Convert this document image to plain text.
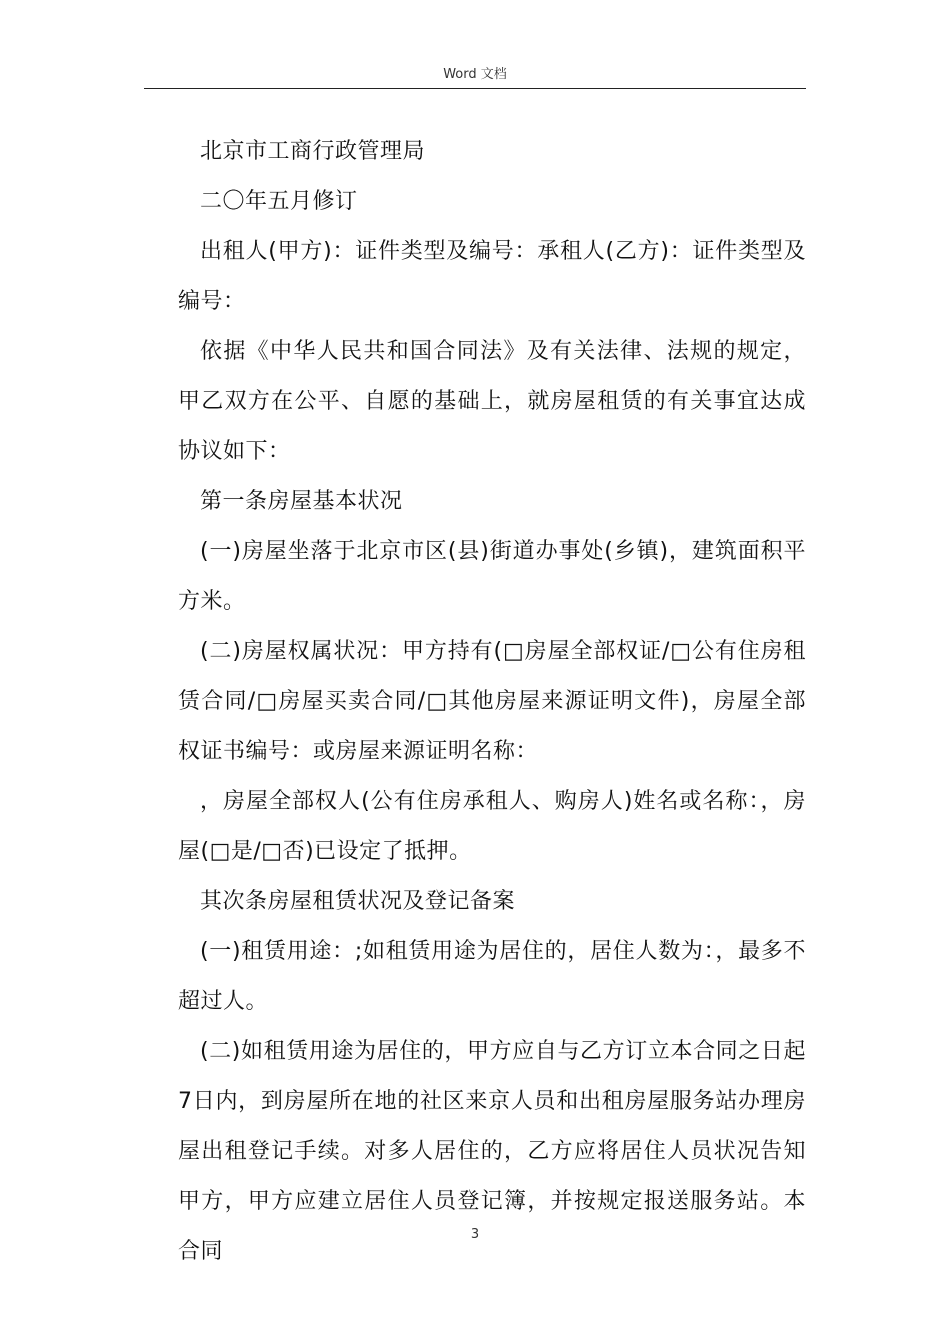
Word 文档

北京市工商行政管理局

二〇年五月修订

出租人(甲方)：证件类型及编号：承租人(乙方)：证件类型及编号：

依据《中华人民共和国合同法》及有关法律、法规的规定，甲乙双方在公平、自愿的基础上，就房屋租赁的有关事宜达成协议如下：

第一条房屋基本状况

(一)房屋坐落于北京市区(县)街道办事处(乡镇)，建筑面积平方米。

(二)房屋权属状况：甲方持有(□房屋全部权证/□公有住房租赁合同/□房屋买卖合同/□其他房屋来源证明文件)，房屋全部权证书编号：或房屋来源证明名称：

，房屋全部权人(公有住房承租人、购房人)姓名或名称：，房屋(□是/□否)已设定了抵押。

其次条房屋租赁状况及登记备案

(一)租赁用途：;如租赁用途为居住的，居住人数为：，最多不超过人。

(二)如租赁用途为居住的，甲方应自与乙方订立本合同之日起7日内，到房屋所在地的社区来京人员和出租房屋服务站办理房屋出租登记手续。对多人居住的，乙方应将居住人员状况告知甲方，甲方应建立居住人员登记簿，并按规定报送服务站。本合同

3
